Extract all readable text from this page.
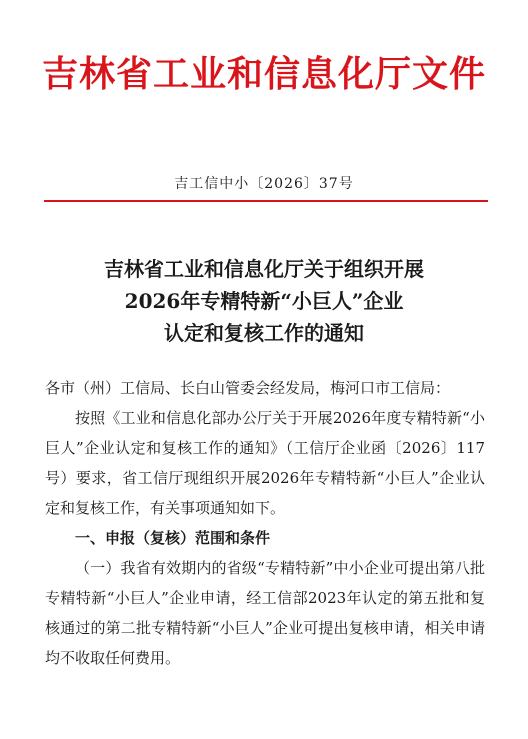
吉林省工业和信息化厅文件
吉工信中小〔2026〕37号
吉林省工业和信息化厅关于组织开展
2026年专精特新“小巨人”企业
认定和复核工作的通知

各市（州）工信局、长白山管委会经发局，梅河口市工信局：

按照《工业和信息化部办公厅关于开展2026年度专精特新“小巨人”企业认定和复核工作的通知》（工信厅企业函〔2026〕117号）要求，省工信厅现组织开展2026年专精特新“小巨人”企业认定和复核工作，有关事项通知如下。

一、申报（复核）范围和条件

（一）我省有效期内的省级“专精特新”中小企业可提出第八批专精特新“小巨人”企业申请，经工信部2023年认定的第五批和复核通过的第二批专精特新“小巨人”企业可提出复核申请，相关申请均不收取任何费用。
